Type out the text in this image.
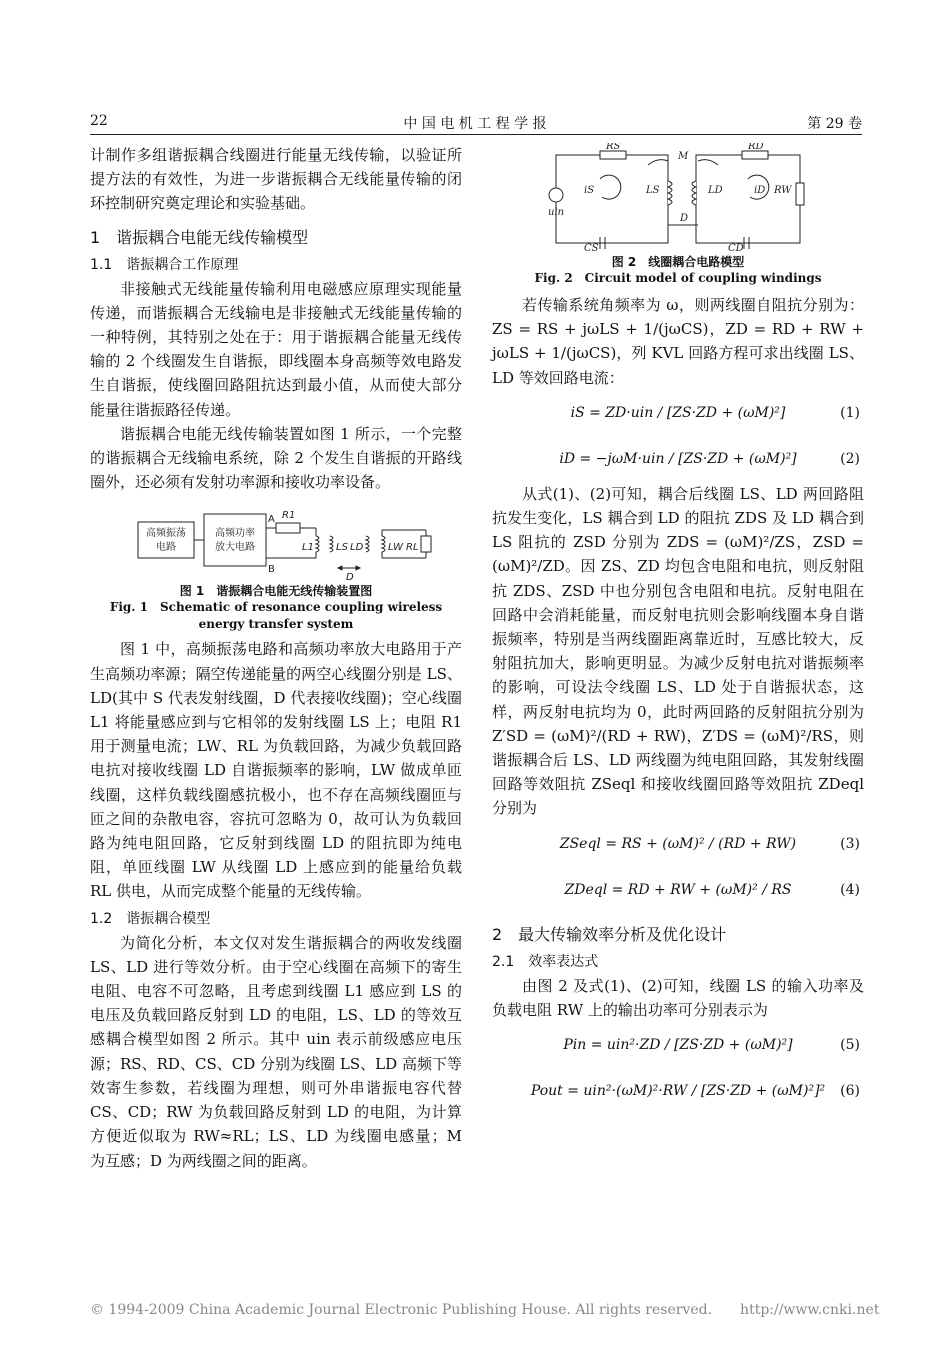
22	中 国 电 机 工 程 学 报	第 29 卷

计制作多组谐振耦合线圈进行能量无线传输，以验证所提方法的有效性，为进一步谐振耦合无线能量传输的闭环控制研究奠定理论和实验基础。

1　谐振耦合电能无线传输模型
1.1　谐振耦合工作原理

非接触式无线能量传输利用电磁感应原理实现能量传递，而谐振耦合无线输电是非接触式无线能量传输的一种特例，其特别之处在于：用于谐振耦合能量无线传输的 2 个线圈发生自谐振，即线圈本身高频等效电路发生自谐振，使线圈回路阻抗达到最小值，从而使大部分能量往谐振路径传递。

谐振耦合电能无线传输装置如图 1 所示，一个完整的谐振耦合无线输电系统，除 2 个发生自谐振的开路线圈外，还必须有发射功率源和接收功率设备。

高频振荡
电路
高频功率
放大电路
A
B
R1
L1 LS LD LW RL
D
图 1　谐振耦合电能无线传输装置图
Fig. 1　Schematic of resonance coupling wireless energy transfer system

图 1 中，高频振荡电路和高频功率放大电路用于产生高频功率源；隔空传递能量的两空心线圈分别是 LS、LD(其中 S 代表发射线圈，D 代表接收线圈)；空心线圈 L1 将能量感应到与它相邻的发射线圈 LS 上；电阻 R1 用于测量电流；LW、RL 为负载回路，为减少负载回路电抗对接收线圈 LD 自谐振频率的影响，LW 做成单匝线圈，这样负载线圈感抗极小，也不存在高频线圈匝与匝之间的杂散电容，容抗可忽略为 0，故可认为负载回路为纯电阻回路，它反射到线圈 LD 的阻抗即为纯电阻，单匝线圈 LW 从线圈 LD 上感应到的能量给负载 RL 供电，从而完成整个能量的无线传输。

1.2　谐振耦合模型

为简化分析，本文仅对发生谐振耦合的两收发线圈 LS、LD 进行等效分析。由于空心线圈在高频下的寄生电阻、电容不可忽略，且考虑到线圈 L1 感应到 LS 的电压及负载回路反射到 LD 的电阻，LS、LD 的等效互感耦合模型如图 2 所示。其中 uin 表示前级感应电压源；RS、RD、CS、CD 分别为线圈 LS、LD 高频下等效寄生参数，若线圈为理想，则可外串谐振电容代替 CS、CD；RW 为负载回路反射到 LD 的电阻，为计算方便近似取为 RW≈RL；LS、LD 为线圈电感量；M 为互感；D 为两线圈之间的距离。

RS	RD
M
uin
iS	LS	LD	iD RW
D
CS	CD
图 2　线圈耦合电路模型
Fig. 2　Circuit model of coupling windings

若传输系统角频率为 ω，则两线圈自阻抗分别为：ZS = RS + jωLS + 1/(jωCS)，ZD = RD + RW + jωLS + 1/(jωCS)，列 KVL 回路方程可求出线圈 LS、LD 等效回路电流：

iS = ZD·uin / [ZS·ZD + (ωM)²]	(1)
iD = −jωM·uin / [ZS·ZD + (ωM)²]	(2)

从式(1)、(2)可知，耦合后线圈 LS、LD 两回路阻抗发生变化，LS 耦合到 LD 的阻抗 ZDS 及 LD 耦合到 LS 阻抗的 ZSD 分别为 ZDS = (ωM)²/ZS，ZSD = (ωM)²/ZD。因 ZS、ZD 均包含电阻和电抗，则反射阻抗 ZDS、ZSD 中也分别包含电阻和电抗。反射电阻在回路中会消耗能量，而反射电抗则会影响线圈本身自谐振频率，特别是当两线圈距离靠近时，互感比较大，反射阻抗加大，影响更明显。为减少反射电抗对谐振频率的影响，可设法令线圈 LS、LD 处于自谐振状态，这样，两反射电抗均为 0，此时两回路的反射阻抗分别为 Z′SD = (ωM)²/(RD + RW)，Z′DS = (ωM)²/RS，则谐振耦合后 LS、LD 两线圈为纯电阻回路，其发射线圈回路等效阻抗 ZSeql 和接收线圈回路等效阻抗 ZDeql 分别为

ZSeql = RS + (ωM)² / (RD + RW)	(3)
ZDeql = RD + RW + (ωM)² / RS	(4)
2　最大传输效率分析及优化设计
2.1　效率表达式

由图 2 及式(1)、(2)可知，线圈 LS 的输入功率及负载电阻 RW 上的输出功率可分别表示为

Pin = uin²·ZD / [ZS·ZD + (ωM)²]	(5)
Pout = uin²·(ωM)²·RW / [ZS·ZD + (ωM)²]² (6)
© 1994-2009 China Academic Journal Electronic Publishing House. All rights reserved.　　http://www.cnki.net
